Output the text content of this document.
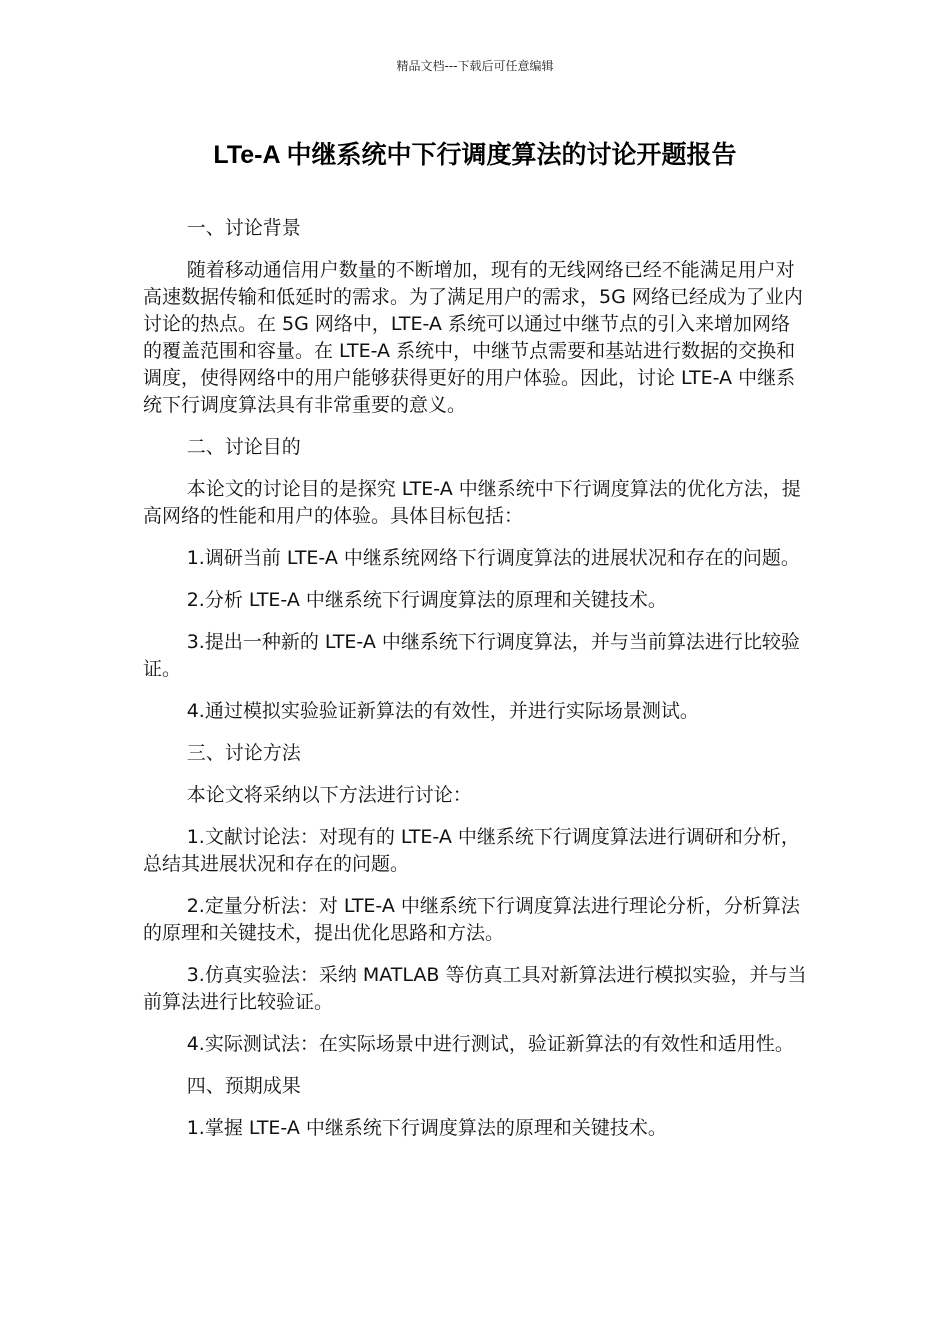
精品文档---下载后可任意编辑
LTe-A 中继系统中下行调度算法的讨论开题报告

一、讨论背景

随着移动通信用户数量的不断增加，现有的无线网络已经不能满足用户对高速数据传输和低延时的需求。为了满足用户的需求，5G 网络已经成为了业内讨论的热点。在 5G 网络中，LTE-A 系统可以通过中继节点的引入来增加网络的覆盖范围和容量。在 LTE-A 系统中，中继节点需要和基站进行数据的交换和调度，使得网络中的用户能够获得更好的用户体验。因此，讨论 LTE-A 中继系统下行调度算法具有非常重要的意义。

二、讨论目的

本论文的讨论目的是探究 LTE-A 中继系统中下行调度算法的优化方法，提高网络的性能和用户的体验。具体目标包括：

1.调研当前 LTE-A 中继系统网络下行调度算法的进展状况和存在的问题。

2.分析 LTE-A 中继系统下行调度算法的原理和关键技术。

3.提出一种新的 LTE-A 中继系统下行调度算法，并与当前算法进行比较验证。

4.通过模拟实验验证新算法的有效性，并进行实际场景测试。

三、讨论方法

本论文将采纳以下方法进行讨论：

1.文献讨论法：对现有的 LTE-A 中继系统下行调度算法进行调研和分析，总结其进展状况和存在的问题。

2.定量分析法：对 LTE-A 中继系统下行调度算法进行理论分析，分析算法的原理和关键技术，提出优化思路和方法。

3.仿真实验法：采纳 MATLAB 等仿真工具对新算法进行模拟实验，并与当前算法进行比较验证。

4.实际测试法：在实际场景中进行测试，验证新算法的有效性和适用性。

四、预期成果

1.掌握 LTE-A 中继系统下行调度算法的原理和关键技术。
